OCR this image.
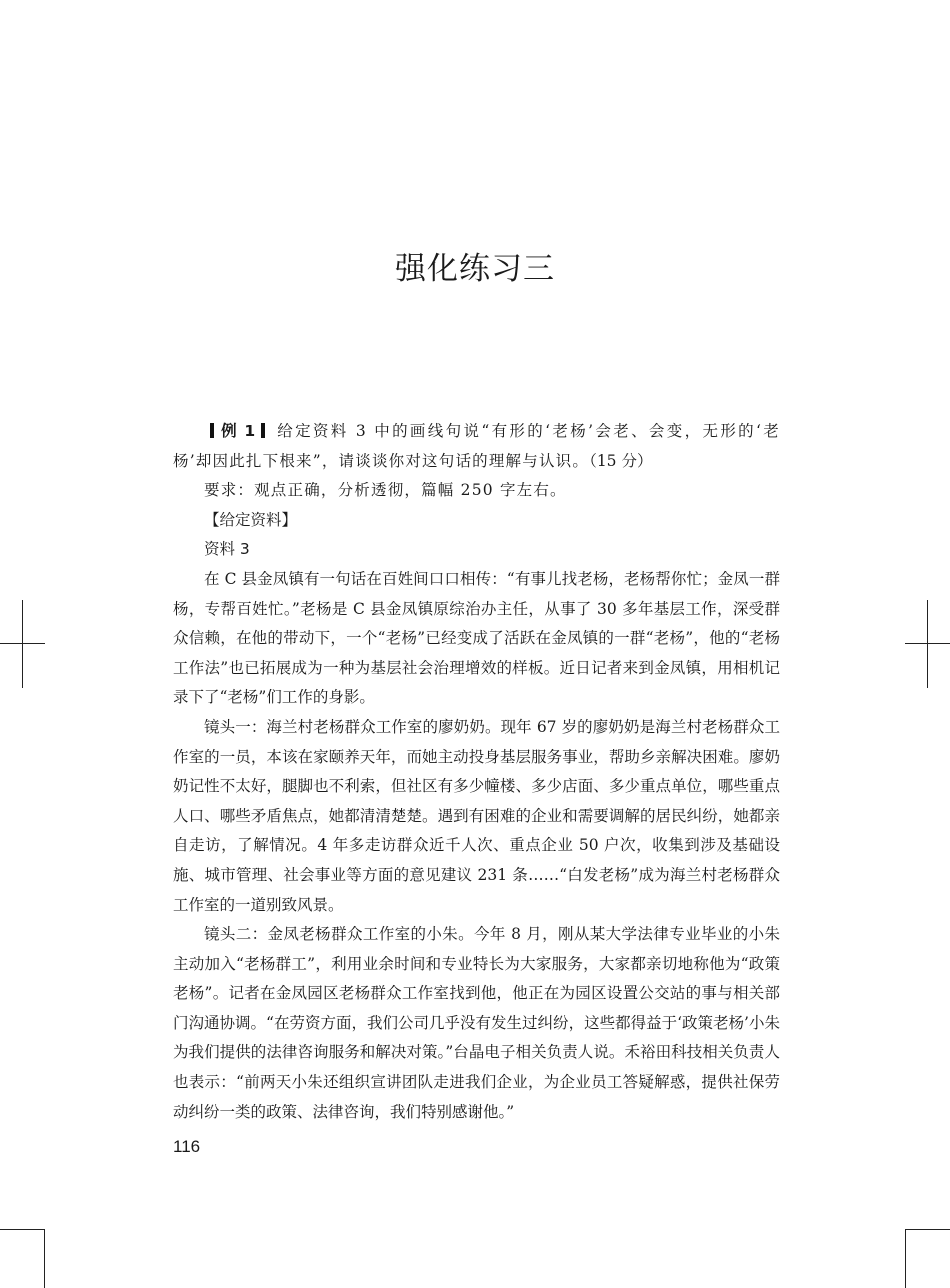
强化练习三

例 1 给定资料 3 中的画线句说“有形的‘老杨’会老、会变，无形的‘老杨’却因此扎下根来”，请谈谈你对这句话的理解与认识。（15 分）

要求：观点正确，分析透彻，篇幅 250 字左右。

【给定资料】

资料 3

在 C 县金凤镇有一句话在百姓间口口相传：“有事儿找老杨，老杨帮你忙；金凤一群杨，专帮百姓忙。”老杨是 C 县金凤镇原综治办主任，从事了 30 多年基层工作，深受群众信赖，在他的带动下，一个“老杨”已经变成了活跃在金凤镇的一群“老杨”，他的“老杨工作法”也已拓展成为一种为基层社会治理增效的样板。近日记者来到金凤镇，用相机记录下了“老杨”们工作的身影。

镜头一：海兰村老杨群众工作室的廖奶奶。现年 67 岁的廖奶奶是海兰村老杨群众工作室的一员，本该在家颐养天年，而她主动投身基层服务事业，帮助乡亲解决困难。廖奶奶记性不太好，腿脚也不利索，但社区有多少幢楼、多少店面、多少重点单位，哪些重点人口、哪些矛盾焦点，她都清清楚楚。遇到有困难的企业和需要调解的居民纠纷，她都亲自走访，了解情况。4 年多走访群众近千人次、重点企业 50 户次，收集到涉及基础设施、城市管理、社会事业等方面的意见建议 231 条……“白发老杨”成为海兰村老杨群众工作室的一道别致风景。

镜头二：金凤老杨群众工作室的小朱。今年 8 月，刚从某大学法律专业毕业的小朱主动加入“老杨群工”，利用业余时间和专业特长为大家服务，大家都亲切地称他为“政策老杨”。记者在金凤园区老杨群众工作室找到他，他正在为园区设置公交站的事与相关部门沟通协调。“在劳资方面，我们公司几乎没有发生过纠纷，这些都得益于‘政策老杨’小朱为我们提供的法律咨询服务和解决对策。”台晶电子相关负责人说。禾裕田科技相关负责人也表示：“前两天小朱还组织宣讲团队走进我们企业，为企业员工答疑解惑，提供社保劳动纠纷一类的政策、法律咨询，我们特别感谢他。”

116
